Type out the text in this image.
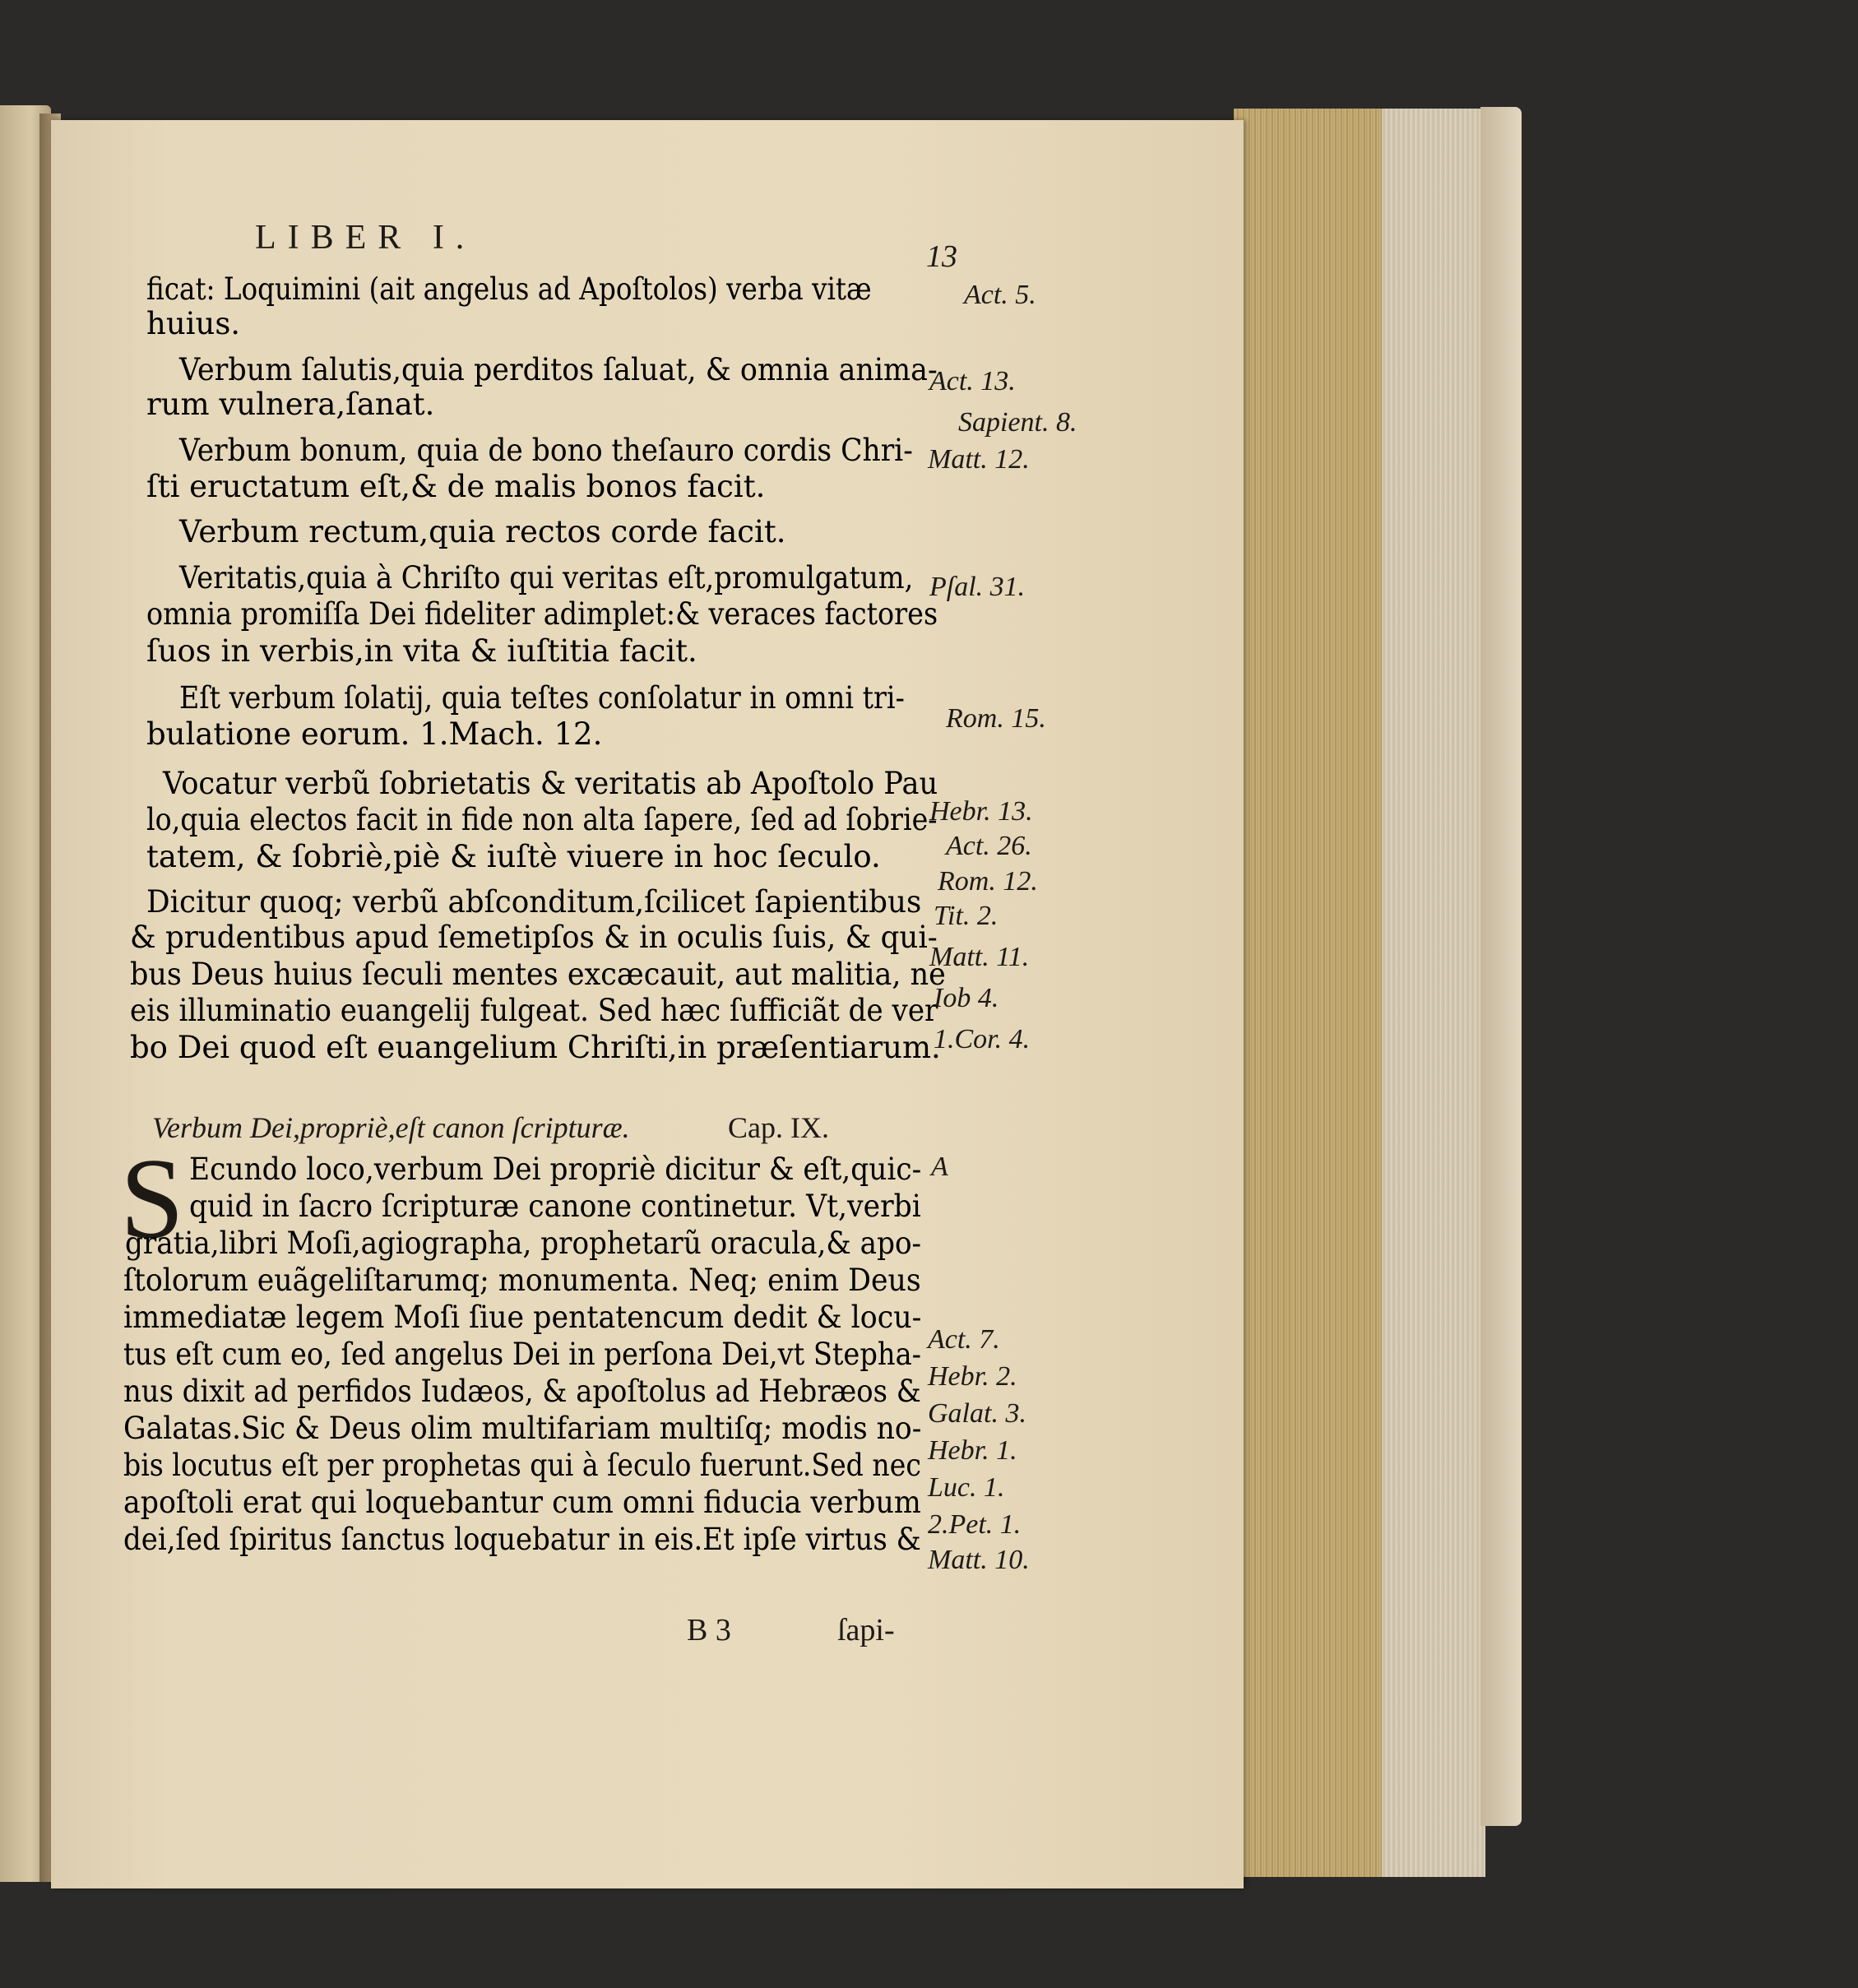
LIBER I.	13
ficat: Loquimini (ait angelus ad Apoſtolos) verba vitæ
huius.
Verbum ſalutis,quia perditos ſaluat, & omnia anima-
rum vulnera,ſanat.
Verbum bonum, quia de bono theſauro cordis Chri-
ſti eructatum eſt,& de malis bonos facit.
Verbum rectum,quia rectos corde facit.
Veritatis,quia à Chriſto qui veritas eſt,promulgatum,
omnia promiſſa Dei fideliter adimplet:& veraces factores
ſuos in verbis,in vita & iuſtitia facit.
Eſt verbum ſolatij, quia teſtes conſolatur in omni tri-
bulatione eorum. 1.Mach. 12.
Vocatur verbũ ſobrietatis & veritatis ab Apoſtolo Pau
lo,quia electos facit in fide non alta ſapere, ſed ad ſobrie-
tatem, & ſobriè,piè & iuſtè viuere in hoc ſeculo.
Dicitur quoq; verbũ abſconditum,ſcilicet ſapientibus
& prudentibus apud ſemetipſos & in oculis ſuis, & qui-
bus Deus huius ſeculi mentes excæcauit, aut malitia, ne
eis illuminatio euangelij fulgeat. Sed hæc ſufficiãt de ver
bo Dei quod eſt euangelium Chriſti,in præſentiarum.
Act. 5.
Act. 13.
Sapient. 8.
Matt. 12.
Pſal. 31.
Rom. 15.
Hebr. 13.
Act. 26.
Rom. 12.
Tit. 2.
Matt. 11.
Iob 4.
1.Cor. 4.
Verbum Dei,propriè,eſt canon ſcripturæ.	Cap. IX.
S Ecundo loco,verbum Dei propriè dicitur & eſt,quic-
quid in ſacro ſcripturæ canone continetur. Vt,verbi
gratia,libri Moſi,agiographa, prophetarũ oracula,& apo-
ſtolorum euãgeliſtarumq; monumenta. Neq; enim Deus
immediatæ legem Moſi ſiue pentatencum dedit & locu-
tus eſt cum eo, ſed angelus Dei in perſona Dei,vt Stepha-
nus dixit ad perfidos Iudæos, & apoſtolus ad Hebræos &
Galatas.Sic & Deus olim multifariam multiſq; modis no-
bis locutus eſt per prophetas qui à ſeculo fuerunt.Sed nec
apoſtoli erat qui loquebantur cum omni fiducia verbum
dei,ſed ſpiritus ſanctus loquebatur in eis.Et ipſe virtus &
A
Act. 7.
Hebr. 2.
Galat. 3.
Hebr. 1.
Luc. 1.
2.Pet. 1.
Matt. 10.
B 3	ſapi-
